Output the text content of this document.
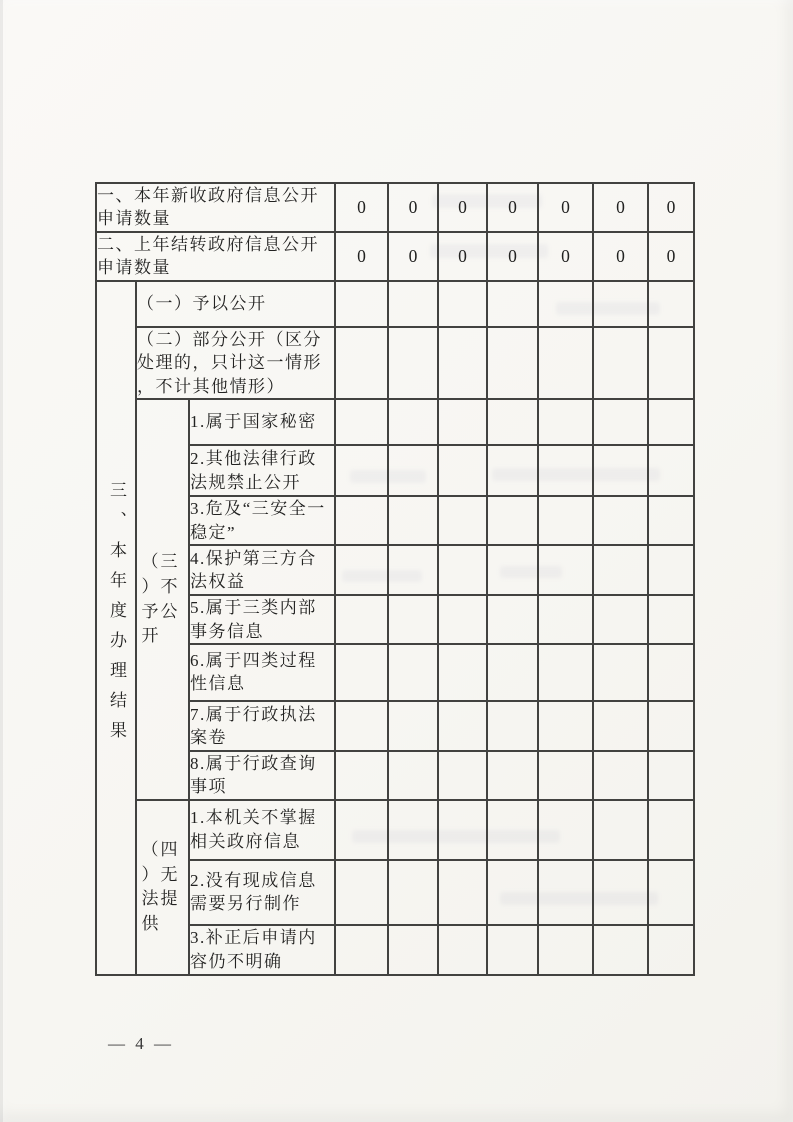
一、本年新收政府信息公开申请数量			0	0	0	0	0	0	0
二、上年结转政府信息公开申请数量			0	0	0	0	0	0	0

三、本年度办理结果	（一）予以公开								
	（二）部分公开（区分处理的，只计这一情形，不计其他情形）								

	（三）不予公开	1.属于国家秘密							
		2.其他法律行政法规禁止公开							
		3.危及“三安全一稳定”							
		4.保护第三方合法权益							
		5.属于三类内部事务信息							
		6.属于四类过程性信息							
		7.属于行政执法案卷							
		8.属于行政查询事项							

	（四）无法提供	1.本机关不掌握相关政府信息							
		2.没有现成信息需要另行制作							
		3.补正后申请内容仍不明确							
— 4 —
